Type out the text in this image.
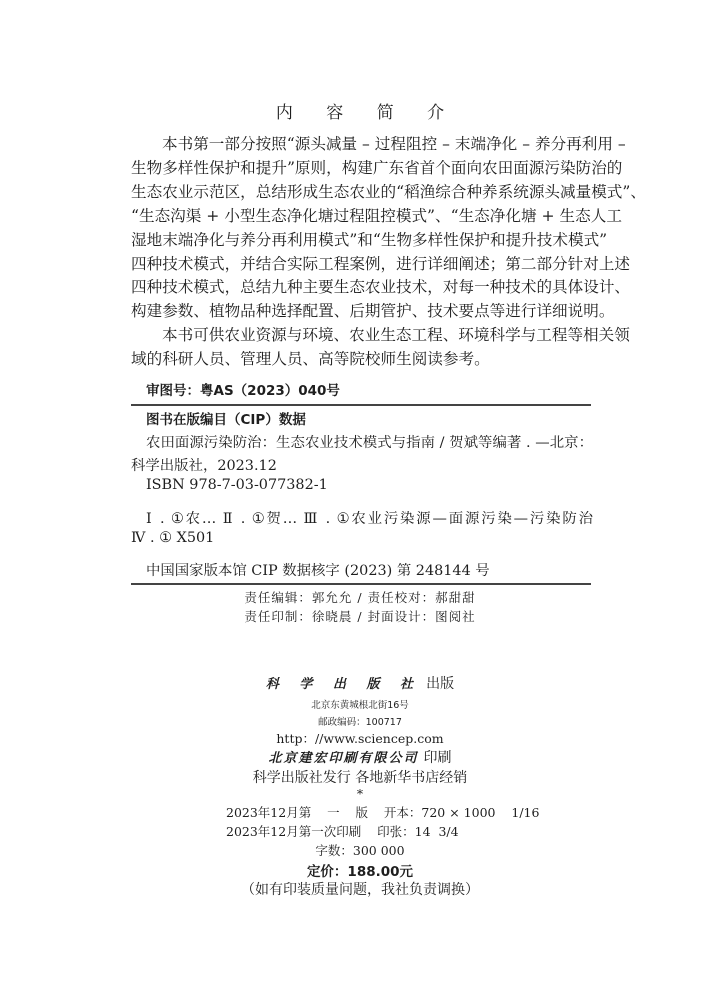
内 容 简 介
本书第一部分按照“源头减量 – 过程阻控 – 末端净化 – 养分再利用 –
生物多样性保护和提升”原则，构建广东省首个面向农田面源污染防治的
生态农业示范区，总结形成生态农业的“稻渔综合种养系统源头减量模式”、
“生态沟渠 + 小型生态净化塘过程阻控模式”、“生态净化塘 + 生态人工
湿地末端净化与养分再利用模式”和“生物多样性保护和提升技术模式”
四种技术模式，并结合实际工程案例，进行详细阐述；第二部分针对上述
四种技术模式，总结九种主要生态农业技术，对每一种技术的具体设计、
构建参数、植物品种选择配置、后期管护、技术要点等进行详细说明。
本书可供农业资源与环境、农业生态工程、环境科学与工程等相关领
域的科研人员、管理人员、高等院校师生阅读参考。
审图号：粤AS（2023）040号
图书在版编目（CIP）数据
农田面源污染防治：生态农业技术模式与指南 / 贺斌等编著 . —北京：
科学出版社，2023.12
ISBN 978-7-03-077382-1
Ⅰ . ①农… Ⅱ . ①贺… Ⅲ . ①农业污染源—面源污染—污染防治
Ⅳ . ① X501
中国国家版本馆 CIP 数据核字 (2023) 第 248144 号
责任编辑：郭允允 / 责任校对：郝甜甜
责任印制：徐晓晨 / 封面设计：图阅社
科 学 出 版 社 出版
北京东黄城根北街16号
邮政编码：100717
http：//www.sciencep.com
北京建宏印刷有限公司 印刷
科学出版社发行 各地新华书店经销
*
2023年12月第    一    版    开本：720 × 1000    1/16
2023年12月第一次印刷    印张：14  3/4
字数：300 000
定价：188.00元
（如有印装质量问题，我社负责调换）
